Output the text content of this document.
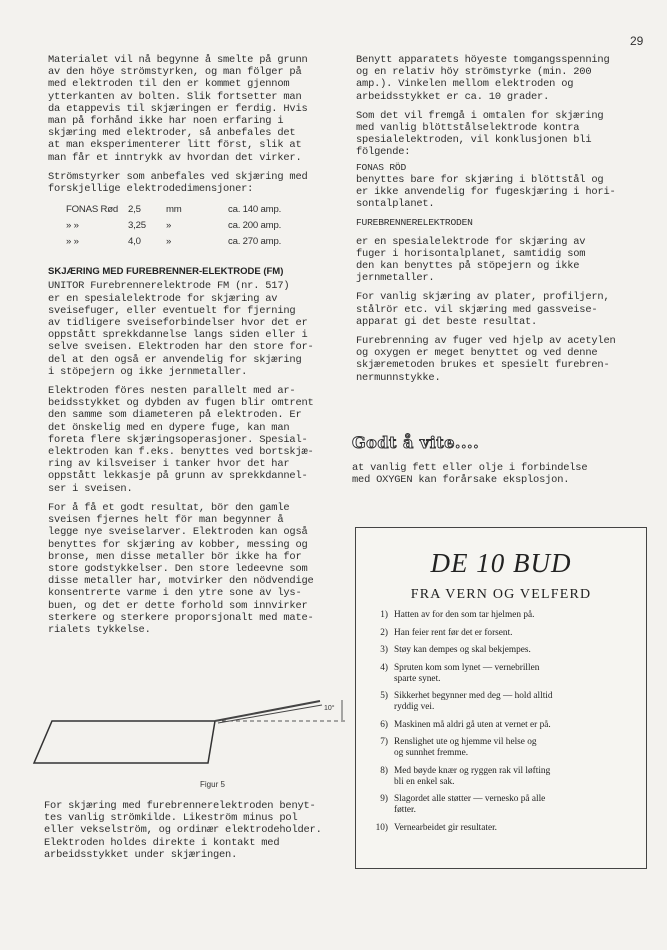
29

Materialet vil nå begynne å smelte på grunn
av den höye strömstyrken, og man fölger på
med elektroden til den er kommet gjennom
ytterkanten av bolten. Slik fortsetter man
da etappevis til skjæringen er ferdig. Hvis
man på forhånd ikke har noen erfaring i
skjæring med elektroder, så anbefales det
at man eksperimenterer litt först, slik at
man får et inntrykk av hvordan det virker.

Strömstyrker som anbefales ved skjæring med
forskjellige elektrodedimensjoner:

FONAS Rød	2,5	mm	ca. 140 amp.
» »	3,25	»	ca. 200 amp.
» »	4,0	»	ca. 270 amp.
SKJÆRING MED FUREBRENNER-ELEKTRODE (FM)

UNITOR Furebrennerelektrode FM (nr. 517)
er en spesialelektrode for skjæring av
sveisefuger, eller eventuelt for fjerning
av tidligere sveiseforbindelser hvor det er
oppstått sprekkdannelse langs siden eller i
selve sveisen. Elektroden har den store for-
del at den også er anvendelig for skjæring
i stöpejern og ikke jernmetaller.

Elektroden föres nesten parallelt med ar-
beidsstykket og dybden av fugen blir omtrent
den samme som diameteren på elektroden. Er
det önskelig med en dypere fuge, kan man
foreta flere skjæringsoperasjoner. Spesial-
elektroden kan f.eks. benyttes ved bortskjæ-
ring av kilsveiser i tanker hvor det har
oppstått lekkasje på grunn av sprekkdannel-
ser i sveisen.

For å få et godt resultat, bör den gamle
sveisen fjernes helt för man begynner å
legge nye sveiselarver. Elektroden kan også
benyttes for skjæring av kobber, messing og
bronse, men disse metaller bör ikke ha for
store godstykkelser. Den store ledeevne som
disse metaller har, motvirker den nödvendige
konsentrerte varme i den ytre sone av lys-
buen, og det er dette forhold som innvirker
sterkere og sterkere proporsjonalt med mate-
rialets tykkelse.

10°
Figur 5
For skjæring med furebrennerelektroden benyt-
tes vanlig strömkilde. Likeström minus pol
eller vekselström, og ordinær elektrodeholder.
Elektroden holdes direkte i kontakt med
arbeidsstykket under skjæringen.

Benytt apparatets höyeste tomgangsspenning
og en relativ höy strömstyrke (min. 200
amp.). Vinkelen mellom elektroden og
arbeidsstykket er ca. 10 grader.

Som det vil fremgå i omtalen for skjæring
med vanlig blöttstålselektrode kontra
spesialelektroden, vil konklusjonen bli
fölgende:

FONAS RÖD

benyttes bare for skjæring i blöttstål og
er ikke anvendelig for fugeskjæring i hori-
sontalplanet.

FUREBRENNERELEKTRODEN

er en spesialelektrode for skjæring av
fuger i horisontalplanet, samtidig som
den kan benyttes på stöpejern og ikke
jernmetaller.

For vanlig skjæring av plater, profiljern,
stålrör etc. vil skjæring med gassveise-
apparat gi det beste resultat.

Furebrenning av fuger ved hjelp av acetylen
og oxygen er meget benyttet og ved denne
skjæremetoden brukes et spesielt furebren-
nermunnstykke.

Godt å vite....
at vanlig fett eller olje i forbindelse
med OXYGEN kan forårsake eksplosjon.
DE 10 BUD
FRA VERN OG VELFERD
1) Hatten av for den som tar hjelmen på.
2) Han feier rent før det er forsent.
3) Støy kan dempes og skal bekjempes.
4) Spruten kom som lynet — vernebrillen
sparte synet.
5) Sikkerhet begynner med deg — hold alltid
ryddig vei.
6) Maskinen må aldri gå uten at vernet er på.
7) Renslighet ute og hjemme vil helse og
og sunnhet fremme.
8) Med bøyde knær og ryggen rak vil løfting
bli en enkel sak.
9) Slagordet alle støtter — vernesko på alle
føtter.
10) Vernearbeidet gir resultater.
